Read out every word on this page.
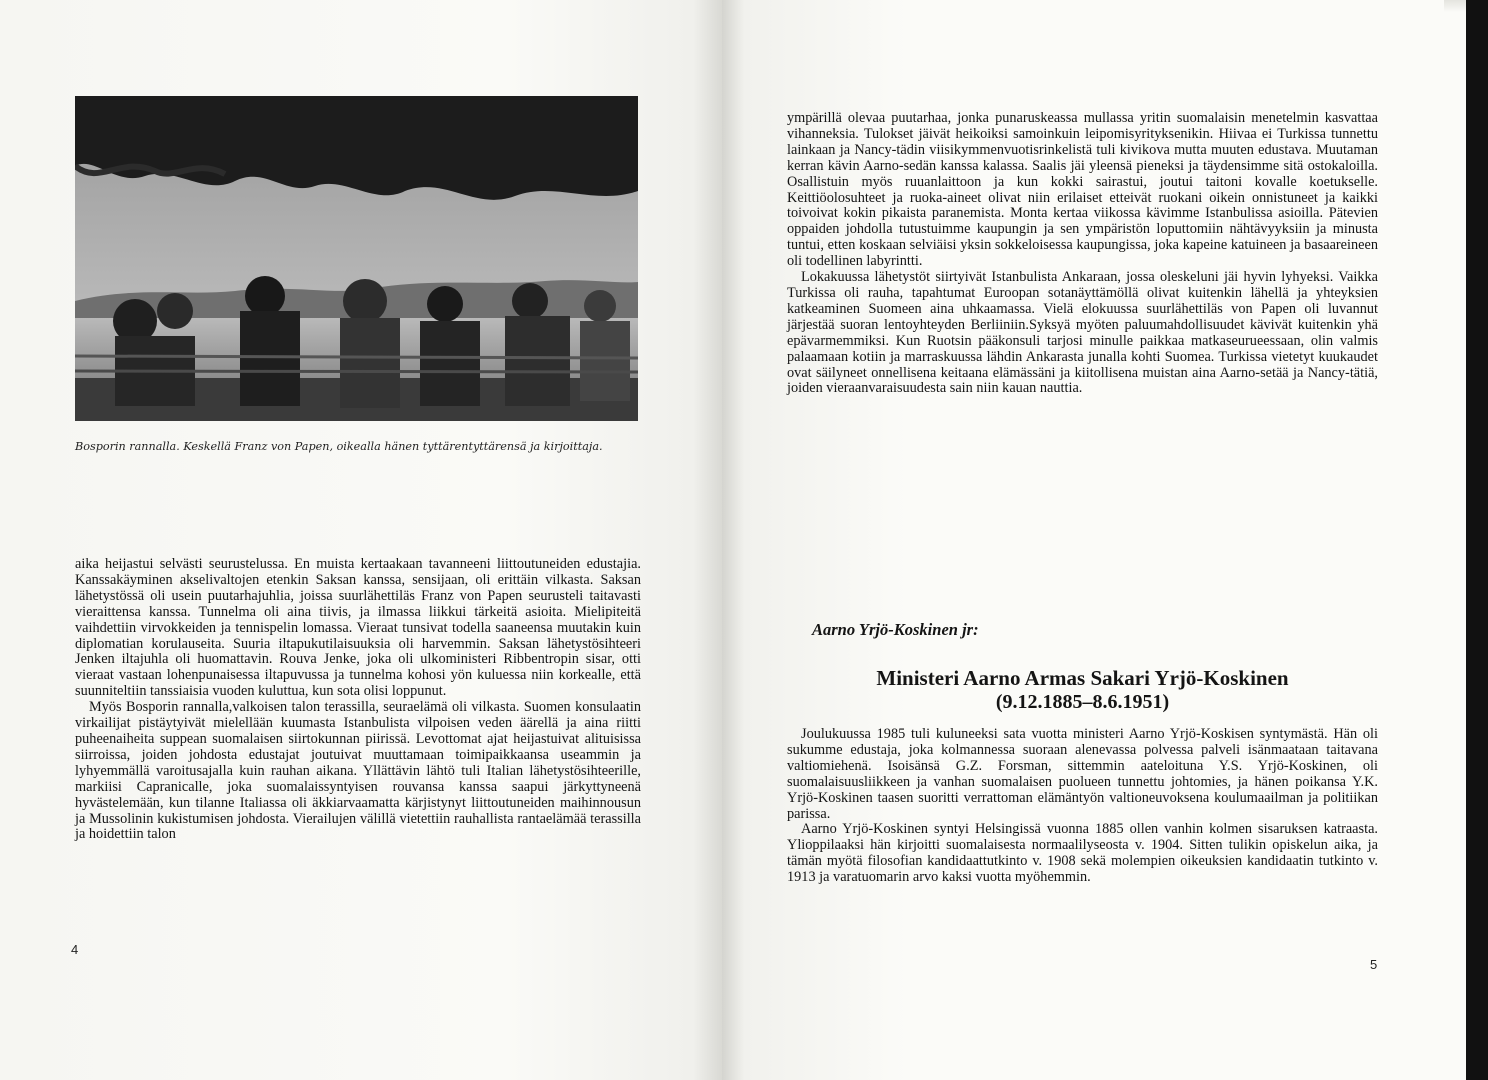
Bosporin rannalla. Keskellä Franz von Papen, oikealla hänen tyttärentyttärensä ja kirjoittaja.

aika heijastui selvästi seurustelussa. En muista kertaakaan tavanneeni liittoutuneiden edustajia. Kanssakäyminen akselivaltojen etenkin Saksan kanssa, sensijaan, oli erittäin vilkasta. Saksan lähetystössä oli usein puutarhajuhlia, joissa suurlähettiläs Franz von Papen seurusteli taitavasti vieraittensa kanssa. Tunnelma oli aina tiivis, ja ilmassa liikkui tärkeitä asioita. Mielipiteitä vaihdettiin virvokkeiden ja tennispelin lomassa. Vieraat tunsivat todella saaneensa muutakin kuin diplomatian korulauseita. Suuria iltapukutilaisuuksia oli harvemmin. Saksan lähetystösihteeri Jenken iltajuhla oli huomattavin. Rouva Jenke, joka oli ulkoministeri Ribbentropin sisar, otti vieraat vastaan lohenpunaisessa iltapuvussa ja tunnelma kohosi yön kuluessa niin korkealle, että suunniteltiin tanssiaisia vuoden kuluttua, kun sota olisi loppunut.

Myös Bosporin rannalla,valkoisen talon terassilla, seuraelämä oli vilkasta. Suomen konsulaatin virkailijat pistäytyivät mielellään kuumasta Istanbulista vilpoisen veden äärellä ja aina riitti puheenaiheita suppean suomalaisen siirtokunnan piirissä. Levottomat ajat heijastuivat alituisissa siirroissa, joiden johdosta edustajat joutuivat muuttamaan toimipaikkaansa useammin ja lyhyemmällä varoitusajalla kuin rauhan aikana. Yllättävin lähtö tuli Italian lähetystösihteerille, markiisi Capranicalle, joka suomalaissyntyisen rouvansa kanssa saapui järkyttyneenä hyvästelemään, kun tilanne Italiassa oli äkkiarvaamatta kärjistynyt liittoutuneiden maihinnousun ja Mussolinin kukistumisen johdosta. Vierailujen välillä vietettiin rauhallista rantaelämää terassilla ja hoidettiin talon

4

ympärillä olevaa puutarhaa, jonka punaruskeassa mullassa yritin suomalaisin menetelmin kasvattaa vihanneksia. Tulokset jäivät heikoiksi samoinkuin leipomisyrityksenikin. Hiivaa ei Turkissa tunnettu lainkaan ja Nancy-tädin viisikymmenvuotisrinkelistä tuli kivikova mutta muuten edustava. Muutaman kerran kävin Aarno-sedän kanssa kalassa. Saalis jäi yleensä pieneksi ja täydensimme sitä ostokaloilla. Osallistuin myös ruuanlaittoon ja kun kokki sairastui, joutui taitoni kovalle koetukselle. Keittiöolosuhteet ja ruoka-aineet olivat niin erilaiset etteivät ruokani oikein onnistuneet ja kaikki toivoivat kokin pikaista paranemista. Monta kertaa viikossa kävimme Istanbulissa asioilla. Pätevien oppaiden johdolla tutustuimme kaupungin ja sen ympäristön loputtomiin nähtävyyksiin ja minusta tuntui, etten koskaan selviäisi yksin sokkeloisessa kaupungissa, joka kapeine katuineen ja basaareineen oli todellinen labyrintti.

Lokakuussa lähetystöt siirtyivät Istanbulista Ankaraan, jossa oleskeluni jäi hyvin lyhyeksi. Vaikka Turkissa oli rauha, tapahtumat Euroopan sotanäyttämöllä olivat kuitenkin lähellä ja yhteyksien katkeaminen Suomeen aina uhkaamassa. Vielä elokuussa suurlähettiläs von Papen oli luvannut järjestää suoran lentoyhteyden Berliiniin.Syksyä myöten paluumahdollisuudet kävivät kuitenkin yhä epävarmemmiksi. Kun Ruotsin pääkonsuli tarjosi minulle paikkaa matkaseurueessaan, olin valmis palaamaan kotiin ja marraskuussa lähdin Ankarasta junalla kohti Suomea. Turkissa vietetyt kuukaudet ovat säilyneet onnellisena keitaana elämässäni ja kiitollisena muistan aina Aarno-setää ja Nancy-tätiä, joiden vieraanvaraisuudesta sain niin kauan nauttia.

Aarno Yrjö-Koskinen jr:
Ministeri Aarno Armas Sakari Yrjö-Koskinen
(9.12.1885–8.6.1951)

Joulukuussa 1985 tuli kuluneeksi sata vuotta ministeri Aarno Yrjö-Koskisen syntymästä. Hän oli sukumme edustaja, joka kolmannessa suoraan alenevassa polvessa palveli isänmaataan taitavana valtiomiehenä. Isoisänsä G.Z. Forsman, sittemmin aateloituna Y.S. Yrjö-Koskinen, oli suomalaisuusliikkeen ja vanhan suomalaisen puolueen tunnettu johtomies, ja hänen poikansa Y.K. Yrjö-Koskinen taasen suoritti verrattoman elämäntyön valtioneuvoksena koulumaailman ja politiikan parissa.

Aarno Yrjö-Koskinen syntyi Helsingissä vuonna 1885 ollen vanhin kolmen sisaruksen katraasta. Ylioppilaaksi hän kirjoitti suomalaisesta normaalilyseosta v. 1904. Sitten tulikin opiskelun aika, ja tämän myötä filosofian kandidaattutkinto v. 1908 sekä molempien oikeuksien kandidaatin tutkinto v. 1913 ja varatuomarin arvo kaksi vuotta myöhemmin.

5
